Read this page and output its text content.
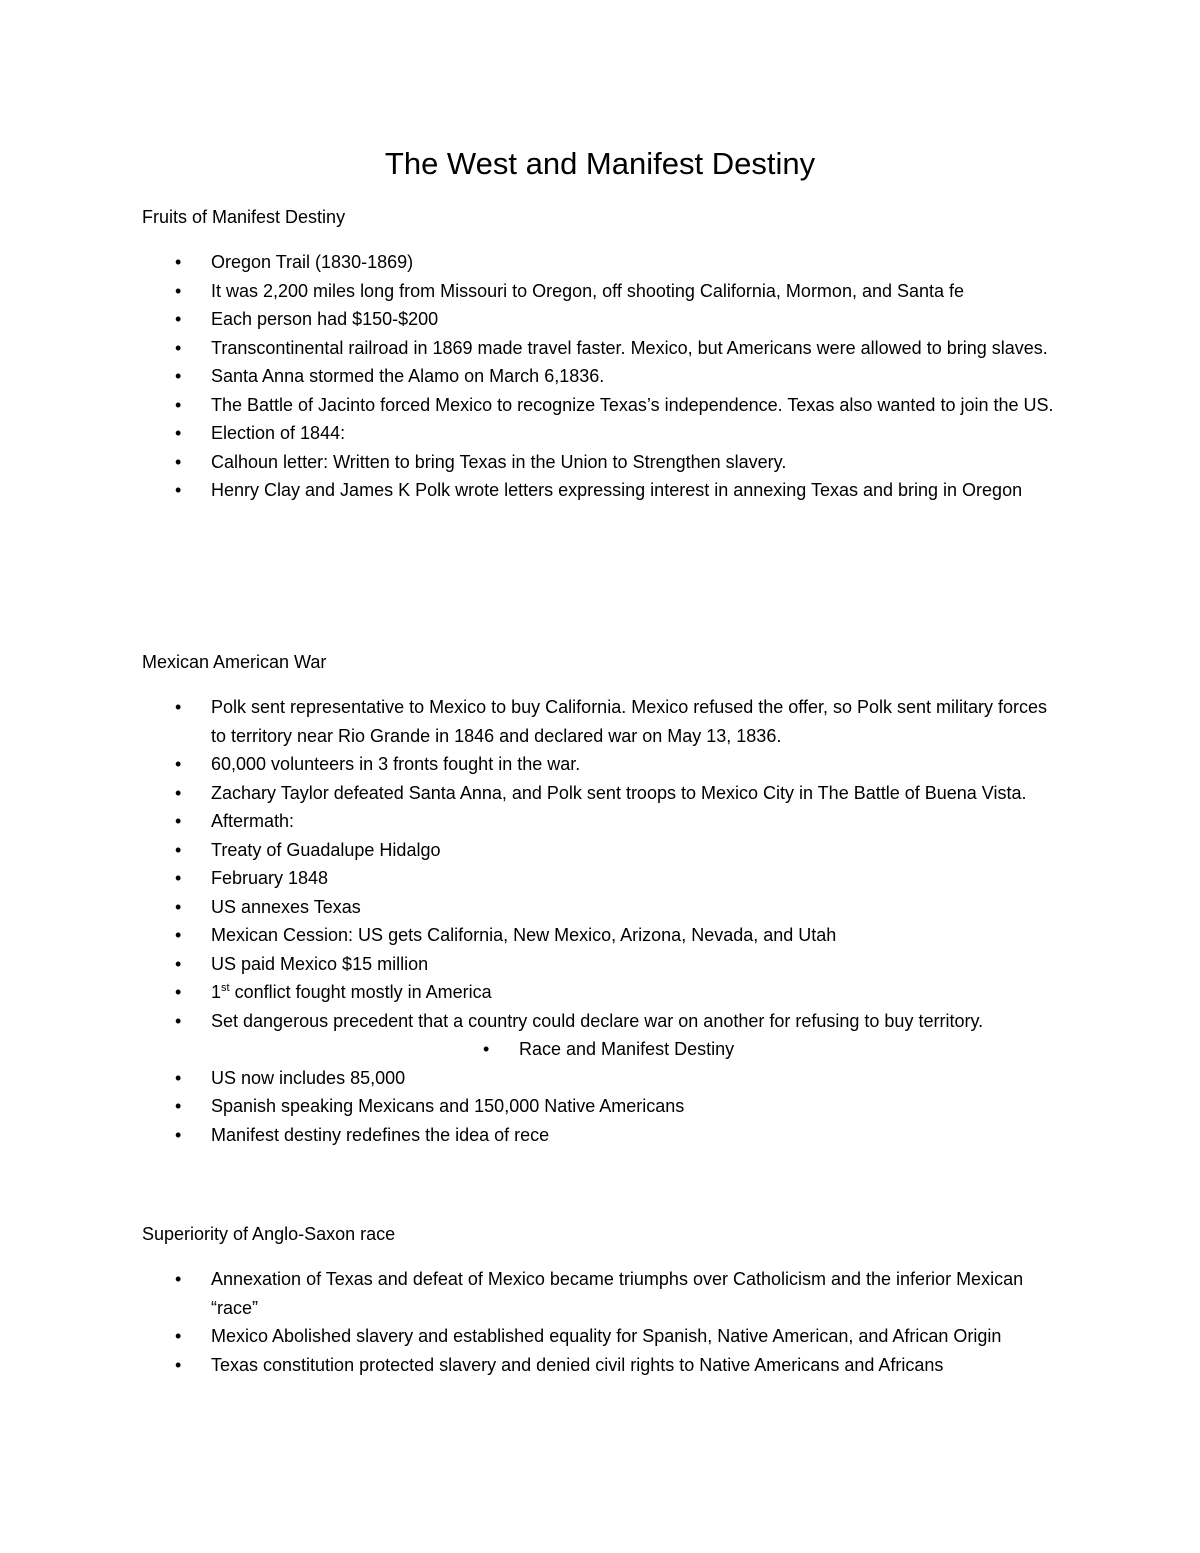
The West and Manifest Destiny
Fruits of Manifest Destiny
• Oregon Trail (1830-1869)
• It was 2,200 miles long from Missouri to Oregon, off shooting California, Mormon, and Santa fe
• Each person had $150-$200
• Transcontinental railroad in 1869 made travel faster. Mexico, but Americans were allowed to bring slaves.
• Santa Anna stormed the Alamo on March 6,1836.
• The Battle of Jacinto forced Mexico to recognize Texas’s independence. Texas also wanted to join the US.
• Election of 1844:
• Calhoun letter: Written to bring Texas in the Union to Strengthen slavery.
• Henry Clay and James K Polk wrote letters expressing interest in annexing Texas and bring in Oregon
Mexican American War
• Polk sent representative to Mexico to buy California. Mexico refused the offer, so Polk sent military forces to territory near Rio Grande in 1846 and declared war on May 13, 1836.
• 60,000 volunteers in 3 fronts fought in the war.
• Zachary Taylor defeated Santa Anna, and Polk sent troops to Mexico City in The Battle of Buena Vista.
• Aftermath:
• Treaty of Guadalupe Hidalgo
• February 1848
• US annexes Texas
• Mexican Cession: US gets California, New Mexico, Arizona, Nevada, and Utah
• US paid Mexico $15 million
• 1st conflict fought mostly in America
• Set dangerous precedent that a country could declare war on another for refusing to buy territory.
• Race and Manifest Destiny
• US now includes 85,000
• Spanish speaking Mexicans and 150,000 Native Americans
• Manifest destiny redefines the idea of rece
Superiority of Anglo-Saxon race
• Annexation of Texas and defeat of Mexico became triumphs over Catholicism and the inferior Mexican “race”
• Mexico Abolished slavery and established equality for Spanish, Native American, and African Origin
• Texas constitution protected slavery and denied civil rights to Native Americans and Africans
